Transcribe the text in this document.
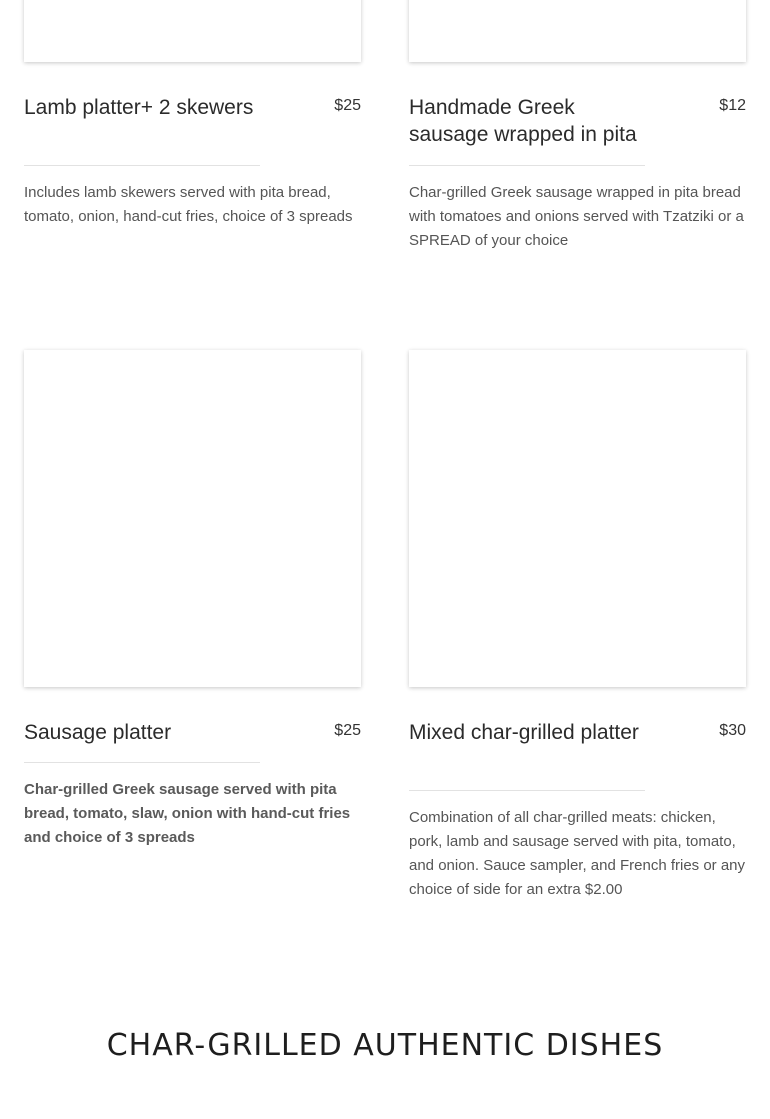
Lamb platter+ 2 skewers	$25

Includes lamb skewers served with pita bread, tomato, onion, hand-cut fries, choice of 3 spreads

Handmade Greek sausage wrapped in pita
$12

Char-grilled Greek sausage wrapped in pita bread with tomatoes and onions served with Tzatziki or a SPREAD of your choice

Sausage platter	$25

Char-grilled Greek sausage served with pita bread, tomato, slaw, onion with hand-cut fries and choice of 3 spreads

Mixed char-grilled platter	$30

Combination of all char-grilled meats: chicken, pork, lamb and sausage served with pita, tomato, and onion. Sauce sampler, and French fries or any choice of side for an extra $2.00

CHAR-GRILLED AUTHENTIC DISHES
